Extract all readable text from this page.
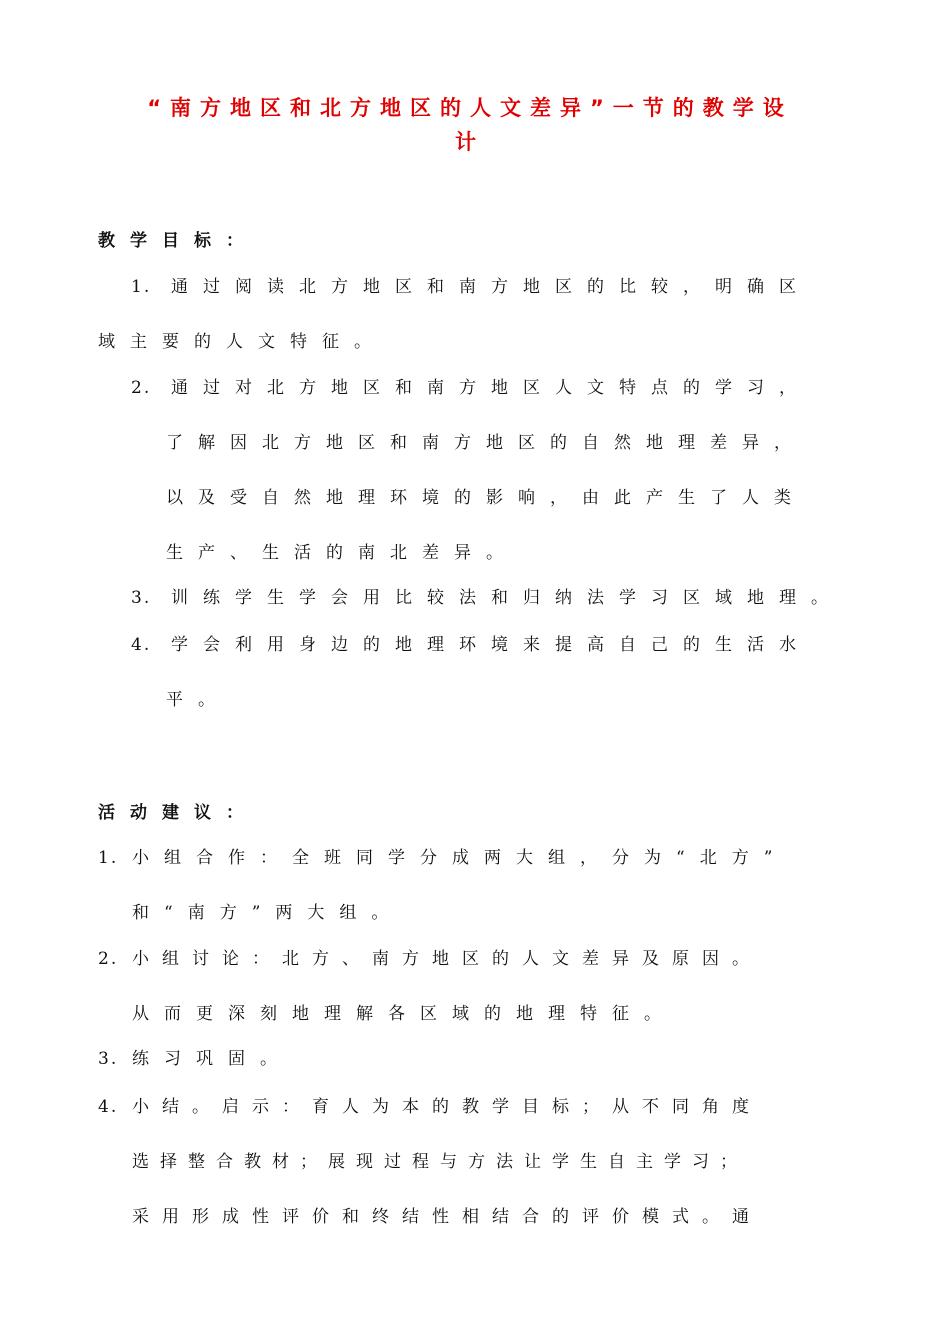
“南方地区和北方地区的人文差异”一节的教学设
计
教学目标：
1. 通过阅读北方地区和南方地区的比较，明确区
域主要的人文特征。
2. 通过对北方地区和南方地区人文特点的学习，
了解因北方地区和南方地区的自然地理差异，
以及受自然地理环境的影响，由此产生了人类
生产、生活的南北差异。
3. 训练学生学会用比较法和归纳法学习区域地理。
4. 学会利用身边的地理环境来提高自己的生活水
平。
活动建议：
1. 小组合作：全班同学分成两大组，分为“北方”
和“南方”两大组。
2. 小组讨论：北方、南方地区的人文差异及原因。
从而更深刻地理解各区域的地理特征。
3. 练习巩固。
4. 小结。启示：育人为本的教学目标；从不同角度
选择整合教材；展现过程与方法让学生自主学习；
采用形成性评价和终结性相结合的评价模式。通
